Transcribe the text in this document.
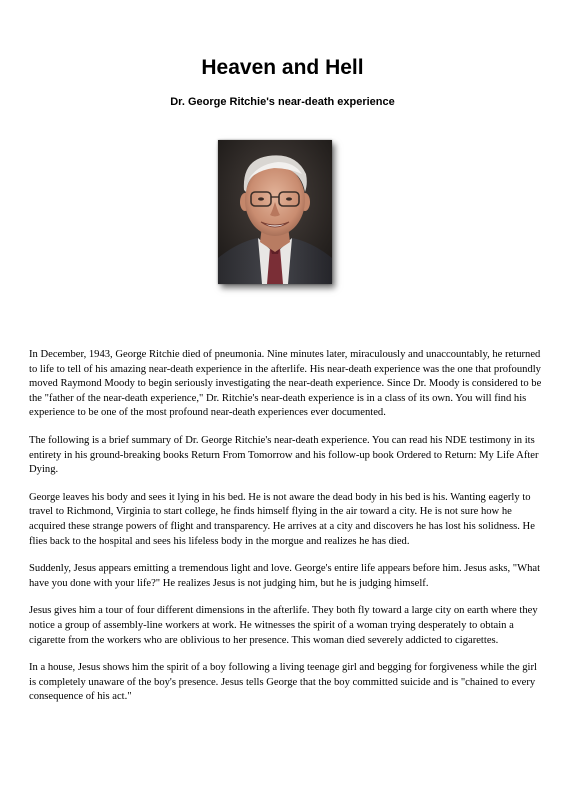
Heaven and Hell
Dr. George Ritchie's near-death experience

In December, 1943, George Ritchie died of pneumonia. Nine minutes later, miraculously and unaccountably, he returned to life to tell of his amazing near-death experience in the afterlife. His near-death experience was the one that profoundly moved Raymond Moody to begin seriously investigating the near-death experience. Since Dr. Moody is considered to be the "father of the near-death experience," Dr. Ritchie's near-death experience is in a class of its own. You will find his experience to be one of the most profound near-death experiences ever documented.

The following is a brief summary of Dr. George Ritchie's near-death experience. You can read his NDE testimony in its entirety in his ground-breaking books Return From Tomorrow and his follow-up book Ordered to Return: My Life After Dying.

George leaves his body and sees it lying in his bed. He is not aware the dead body in his bed is his. Wanting eagerly to travel to Richmond, Virginia to start college, he finds himself flying in the air toward a city. He is not sure how he acquired these strange powers of flight and transparency. He arrives at a city and discovers he has lost his solidness. He flies back to the hospital and sees his lifeless body in the morgue and realizes he has died.

Suddenly, Jesus appears emitting a tremendous light and love. George's entire life appears before him. Jesus asks, "What have you done with your life?" He realizes Jesus is not judging him, but he is judging himself.

Jesus gives him a tour of four different dimensions in the afterlife. They both fly toward a large city on earth where they notice a group of assembly-line workers at work. He witnesses the spirit of a woman trying desperately to obtain a cigarette from the workers who are oblivious to her presence. This woman died severely addicted to cigarettes.

In a house, Jesus shows him the spirit of a boy following a living teenage girl and begging for forgiveness while the girl is completely unaware of the boy's presence. Jesus tells George that the boy committed suicide and is "chained to every consequence of his act."
